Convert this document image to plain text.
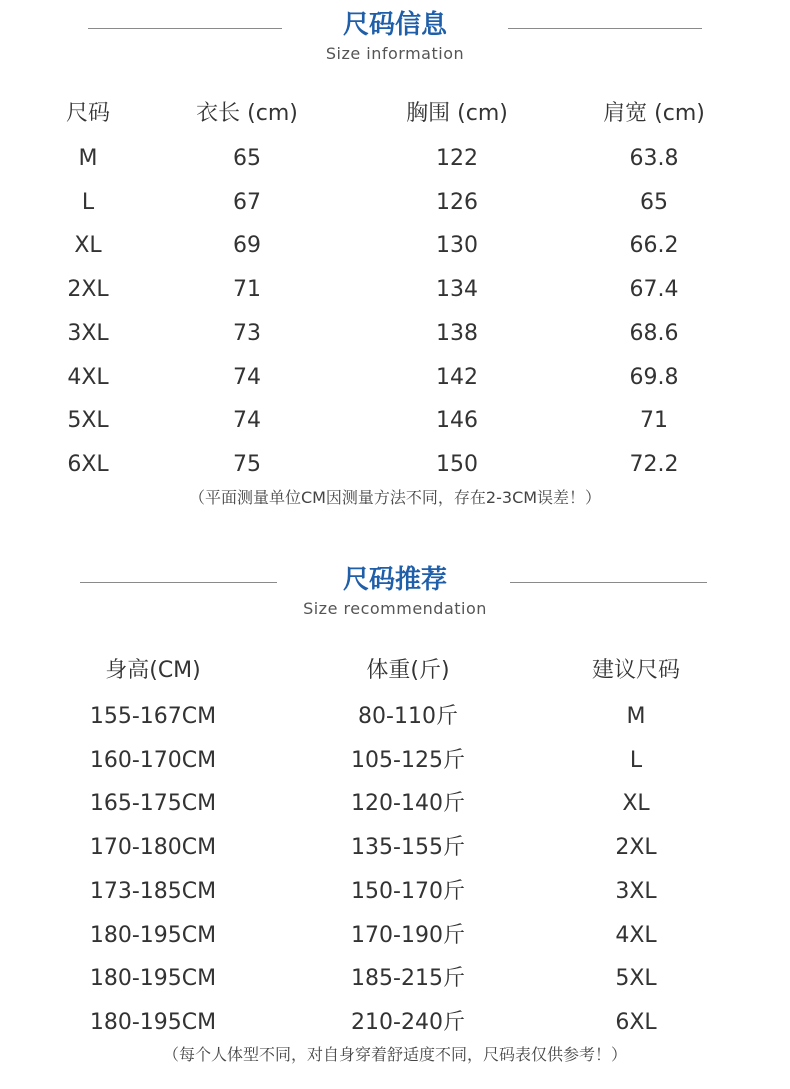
尺码信息
Size information
尺码	衣长 (cm)	胸围 (cm)	肩宽 (cm)
M	65	122	63.8
L	67	126	65
XL	69	130	66.2
2XL	71	134	67.4
3XL	73	138	68.6
4XL	74	142	69.8
5XL	74	146	71
6XL	75	150	72.2
（平面测量单位CM因测量方法不同，存在2-3CM误差！）
尺码推荐
Size recommendation
身高(CM)	体重(斤)	建议尺码
155-167CM	80-110斤	M
160-170CM	105-125斤	L
165-175CM	120-140斤	XL
170-180CM	135-155斤	2XL
173-185CM	150-170斤	3XL
180-195CM	170-190斤	4XL
180-195CM	185-215斤	5XL
180-195CM	210-240斤	6XL
（每个人体型不同，对自身穿着舒适度不同，尺码表仅供参考！）
